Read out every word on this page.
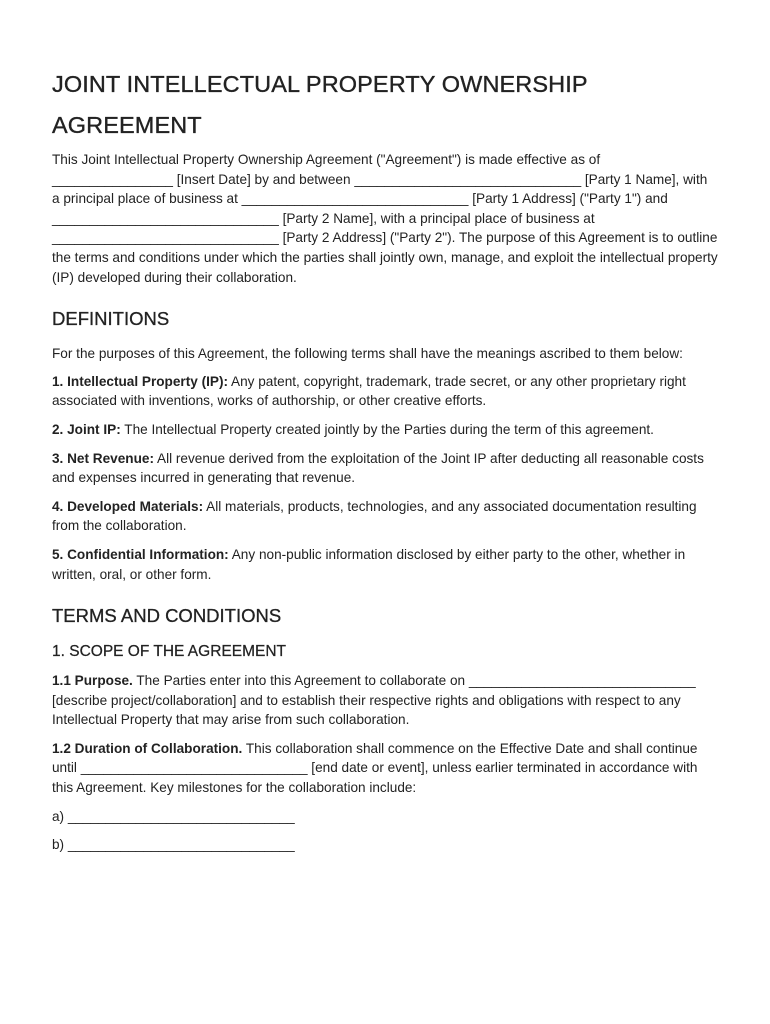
JOINT INTELLECTUAL PROPERTY OWNERSHIP AGREEMENT

This Joint Intellectual Property Ownership Agreement ("Agreement") is made effective as of ________________ [Insert Date] by and between ______________________________ [Party 1 Name], with a principal place of business at ______________________________ [Party 1 Address] ("Party 1") and ______________________________ [Party 2 Name], with a principal place of business at ______________________________ [Party 2 Address] ("Party 2"). The purpose of this Agreement is to outline the terms and conditions under which the parties shall jointly own, manage, and exploit the intellectual property (IP) developed during their collaboration.

DEFINITIONS

For the purposes of this Agreement, the following terms shall have the meanings ascribed to them below:

1. Intellectual Property (IP): Any patent, copyright, trademark, trade secret, or any other proprietary right associated with inventions, works of authorship, or other creative efforts.

2. Joint IP: The Intellectual Property created jointly by the Parties during the term of this agreement.

3. Net Revenue: All revenue derived from the exploitation of the Joint IP after deducting all reasonable costs and expenses incurred in generating that revenue.

4. Developed Materials: All materials, products, technologies, and any associated documentation resulting from the collaboration.

5. Confidential Information: Any non-public information disclosed by either party to the other, whether in written, oral, or other form.

TERMS AND CONDITIONS
1. SCOPE OF THE AGREEMENT

1.1 Purpose. The Parties enter into this Agreement to collaborate on ______________________________ [describe project/collaboration] and to establish their respective rights and obligations with respect to any Intellectual Property that may arise from such collaboration.

1.2 Duration of Collaboration. This collaboration shall commence on the Effective Date and shall continue until ______________________________ [end date or event], unless earlier terminated in accordance with this Agreement. Key milestones for the collaboration include:

a) ______________________________

b) ______________________________
